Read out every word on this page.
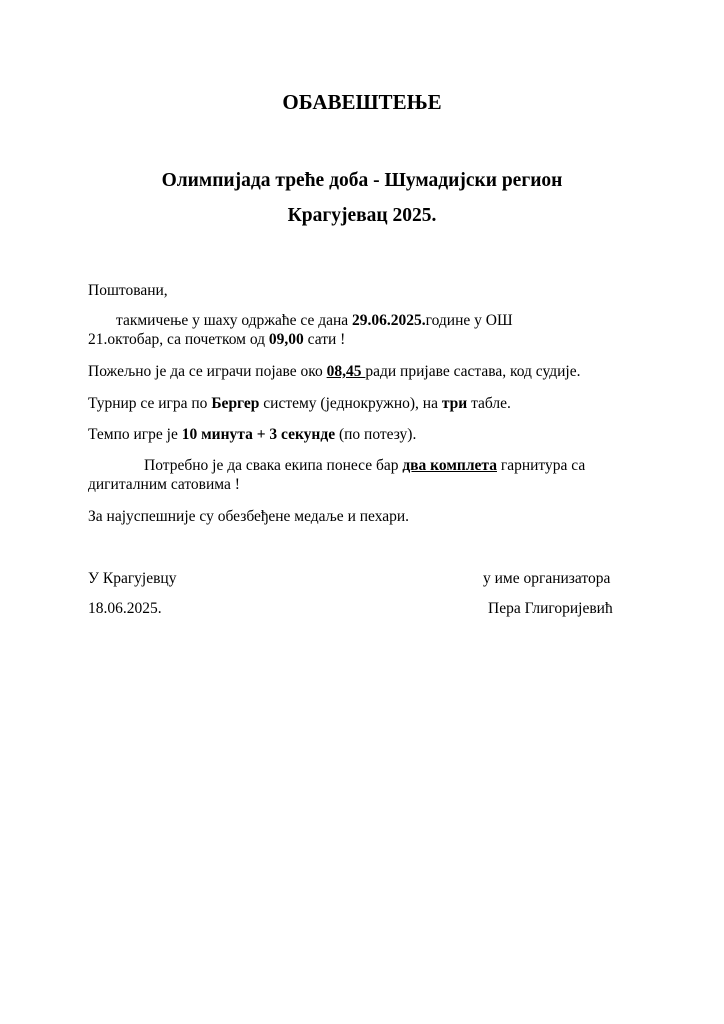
ОБАВЕШТЕЊЕ
Олимпијада треће доба - Шумадијски регион
Крагујевац 2025.
Поштовани,
такмичење у шаху одржаће се дана 29.06.2025.године у ОШ
21.октобар, са почетком од 09,00 сати !
Пожељно је да се играчи појаве око 08,45 ради пријаве састава, код судије.
Турнир се игра по Бергер систему (једнокружно), на три табле.
Темпо игре је 10 минута + 3 секунде (по потезу).
Потребно је да свака екипа понесе бар два комплета гарнитура са
дигиталним сатовима !
За најуспешније су обезбеђене медаље и пехари.
У Крагујевцу
18.06.2025.
у име организатора
Пера Глигоријевић
